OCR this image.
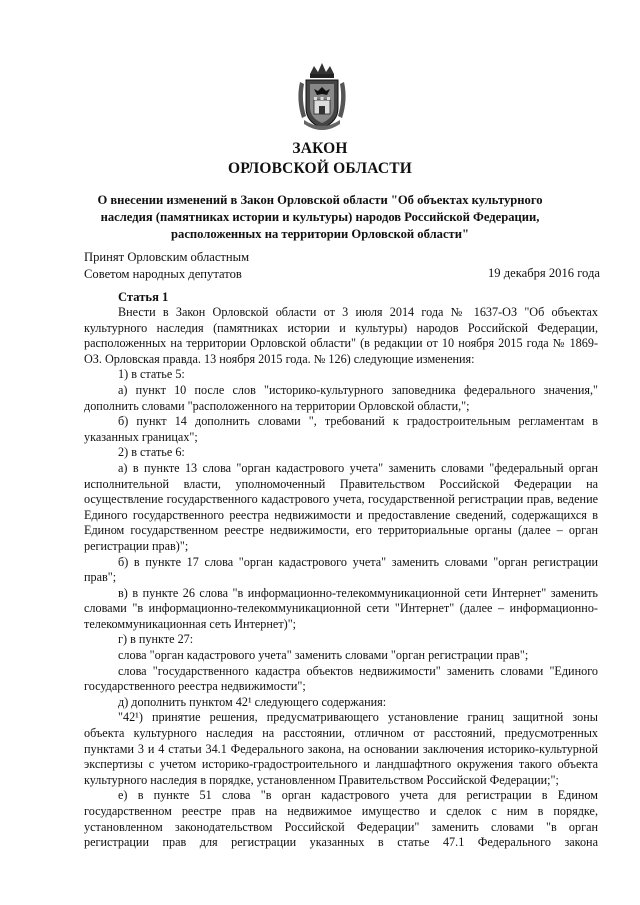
ЗАКОН
ОРЛОВСКОЙ ОБЛАСТИ
О внесении изменений в Закон Орловской области "Об объектах культурного наследия (памятниках истории и культуры) народов Российской Федерации, расположенных на территории Орловской области"
Принят Орловским областным
Советом народных депутатов	19 декабря 2016 года
Статья 1

Внести в Закон Орловской области от 3 июля 2014 года № 1637-ОЗ "Об объектах культурного наследия (памятниках истории и культуры) народов Российской Федерации, расположенных на территории Орловской области" (в редакции от 10 ноября 2015 года № 1869-ОЗ. Орловская правда. 13 ноября 2015 года. № 126) следующие изменения:

1) в статье 5:

а) пункт 10 после слов "историко-культурного заповедника федерального значения," дополнить словами "расположенного на территории Орловской области,";

б) пункт 14 дополнить словами ", требований к градостроительным регламентам в указанных границах";

2) в статье 6:

а) в пункте 13 слова "орган кадастрового учета" заменить словами "федеральный орган исполнительной власти, уполномоченный Правительством Российской Федерации на осуществление государственного кадастрового учета, государственной регистрации прав, ведение Единого государственного реестра недвижимости и предоставление сведений, содержащихся в Едином государственном реестре недвижимости, его территориальные органы (далее – орган регистрации прав)";

б) в пункте 17 слова "орган кадастрового учета" заменить словами "орган регистрации прав";

в) в пункте 26 слова "в информационно-телекоммуникационной сети Интернет" заменить словами "в информационно-телекоммуникационной сети "Интернет" (далее – информационно-телекоммуникационная сеть Интернет)";

г) в пункте 27:

слова "орган кадастрового учета" заменить словами "орган регистрации прав";

слова "государственного кадастра объектов недвижимости" заменить словами "Единого государственного реестра недвижимости";

д) дополнить пунктом 42¹ следующего содержания:

"42¹) принятие решения, предусматривающего установление границ защитной зоны объекта культурного наследия на расстоянии, отличном от расстояний, предусмотренных пунктами 3 и 4 статьи 34.1 Федерального закона, на основании заключения историко-культурной экспертизы с учетом историко-градостроительного и ландшафтного окружения такого объекта культурного наследия в порядке, установленном Правительством Российской Федерации;";

е) в пункте 51 слова "в орган кадастрового учета для регистрации в Едином государственном реестре прав на недвижимое имущество и сделок с ним в порядке, установленном законодательством Российской Федерации" заменить словами "в орган регистрации прав для регистрации указанных в статье 47.1 Федерального закона
